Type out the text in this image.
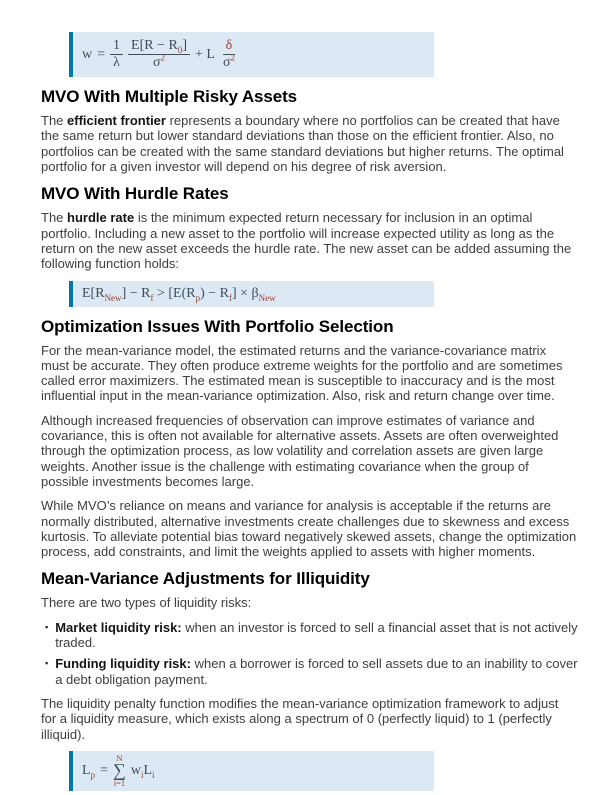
$w = \frac{1}{\lambda} \frac{E[R - R_0]}{\sigma^2} + L \frac{\delta}{\sigma^2}$
MVO With Multiple Risky Assets

The efficient frontier represents a boundary where no portfolios can be created that have the same return but lower standard deviations than those on the efficient frontier. Also, no portfolios can be created with the same standard deviations but higher returns. The optimal portfolio for a given investor will depend on his degree of risk aversion.

MVO With Hurdle Rates

The hurdle rate is the minimum expected return necessary for inclusion in an optimal portfolio. Including a new asset to the portfolio will increase expected utility as long as the return on the new asset exceeds the hurdle rate. The new asset can be added assuming the following function holds:

$E[R_{New}] - R_f > [E(R_p) - R_f] \times \beta_{New}$
Optimization Issues With Portfolio Selection

For the mean-variance model, the estimated returns and the variance-covariance matrix must be accurate. They often produce extreme weights for the portfolio and are sometimes called error maximizers. The estimated mean is susceptible to inaccuracy and is the most influential input in the mean-variance optimization. Also, risk and return change over time.

Although increased frequencies of observation can improve estimates of variance and covariance, this is often not available for alternative assets. Assets are often overweighted through the optimization process, as low volatility and correlation assets are given large weights. Another issue is the challenge with estimating covariance when the group of possible investments becomes large.

While MVO’s reliance on means and variance for analysis is acceptable if the returns are normally distributed, alternative investments create challenges due to skewness and excess kurtosis. To alleviate potential bias toward negatively skewed assets, change the optimization process, add constraints, and limit the weights applied to assets with higher moments.

Mean-Variance Adjustments for Illiquidity

There are two types of liquidity risks:

▪ Market liquidity risk: when an investor is forced to sell a financial asset that is not actively traded.
▪ Funding liquidity risk: when a borrower is forced to sell assets due to an inability to cover a debt obligation payment.

The liquidity penalty function modifies the mean-variance optimization framework to adjust for a liquidity measure, which exists along a spectrum of 0 (perfectly liquid) to 1 (perfectly illiquid).

$L_p$ =
N
∑
i=1
$w_iL_i$
